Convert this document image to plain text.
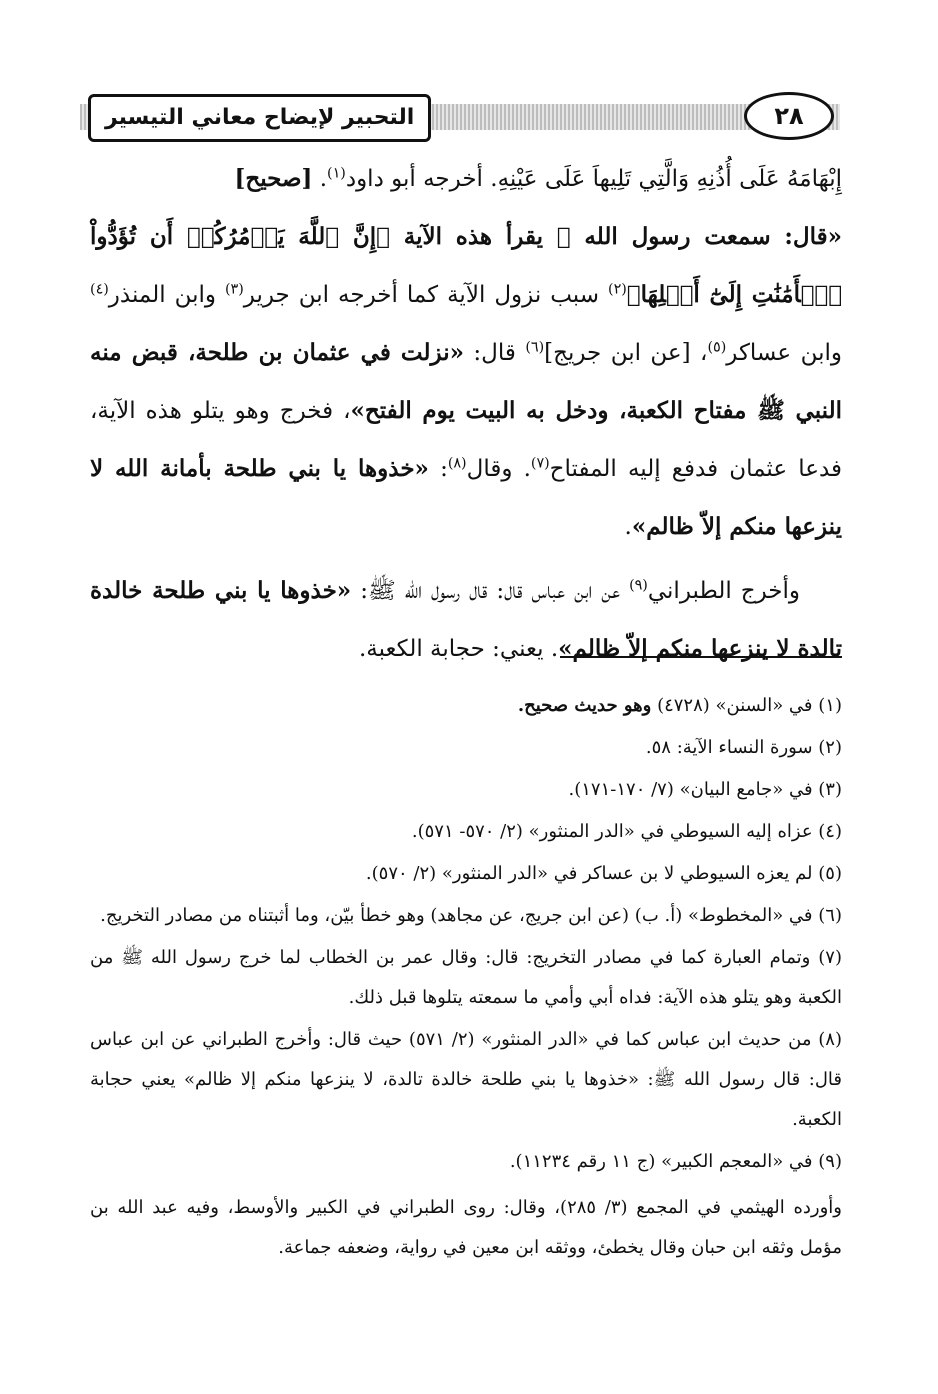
التحبير لإيضاح معاني التيسير	٢٨

إِبْهَامَهُ عَلَى أُذُنِهِ وَالَّتِي تَلِيهاَ عَلَى عَيْنِهِ. أخرجه أبو داود$^{(١)}$. [صحيح]

«قال: سمعت رسول الله ﷺ يقرأ هذه الآية ﴿إِنَّ ٱللَّهَ يَأۡمُرُكُمۡ أَن تُؤَدُّواْ ٱلۡأَمَٰنَٰتِ إِلَىٰٓ أَهۡلِهَا﴾$^{(٢)}$ سبب نزول الآية كما أخرجه ابن جرير$^{(٣)}$ وابن المنذر$^{(٤)}$ وابن عساكر$^{(٥)}$، [عن ابن جريج]$^{(٦)}$ قال: «نزلت في عثمان بن طلحة، قبض منه النبي ﷺ مفتاح الكعبة، ودخل به البيت يوم الفتح»، فخرج وهو يتلو هذه الآية، فدعا عثمان فدفع إليه المفتاح$^{(٧)}$. وقال$^{(٨)}$: «خذوها يا بني طلحة بأمانة الله لا ينزعها منكم إلاّ ظالم».

وأخرج الطبراني$^{(٩)}$ عن ابن عباس قال: قال رسول الله ﷺ: «خذوها يا بني طلحة خالدة تالدة لا ينزعها منكم إلاّ ظالم». يعني: حجابة الكعبة.

(١) في «السنن» (٤٧٢٨) وهو حديث صحيح.

(٢) سورة النساء الآية: ٥٨.

(٣) في «جامع البيان» (٧/ ١٧٠-١٧١).

(٤) عزاه إليه السيوطي في «الدر المنثور» (٢/ ٥٧٠- ٥٧١).

(٥) لم يعزه السيوطي لا بن عساكر في «الدر المنثور» (٢/ ٥٧٠).

(٦) في «المخطوط» (أ. ب) (عن ابن جريج، عن مجاهد) وهو خطأ بيّن، وما أثبتناه من مصادر التخريج.

(٧) وتمام العبارة كما في مصادر التخريج: قال: وقال عمر بن الخطاب لما خرج رسول الله ﷺ من الكعبة وهو يتلو هذه الآية: فداه أبي وأمي ما سمعته يتلوها قبل ذلك.

(٨) من حديث ابن عباس كما في «الدر المنثور» (٢/ ٥٧١) حيث قال: وأخرج الطبراني عن ابن عباس قال: قال رسول الله ﷺ: «خذوها يا بني طلحة خالدة تالدة، لا ينزعها منكم إلا ظالم» يعني حجابة الكعبة.

(٩) في «المعجم الكبير» (ج ١١ رقم ١١٢٣٤).

وأورده الهيثمي في المجمع (٣/ ٢٨٥)، وقال: روى الطبراني في الكبير والأوسط، وفيه عبد الله بن مؤمل وثقه ابن حبان وقال يخطئ، ووثقه ابن معين في رواية، وضعفه جماعة.
